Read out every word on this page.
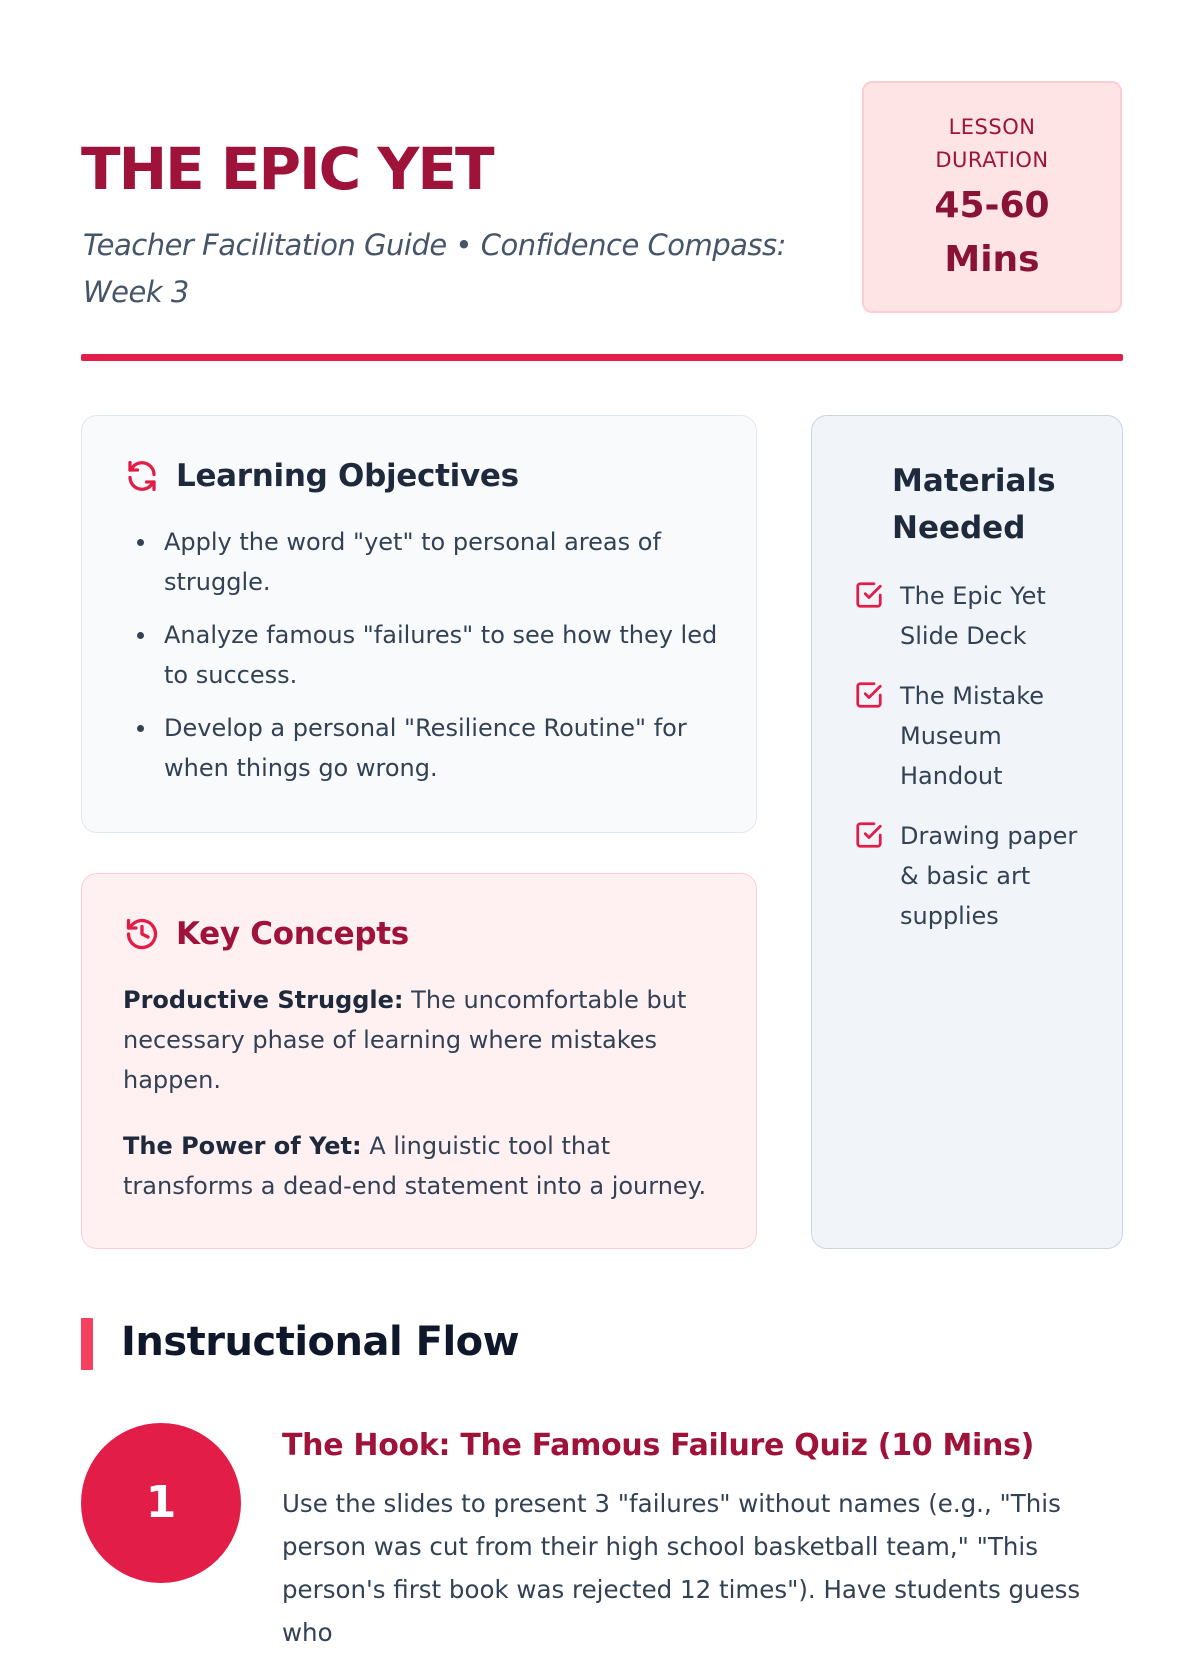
THE EPIC YET

Teacher Facilitation Guide • Confidence Compass: Week 3

LESSON
DURATION
45-60
Mins
Learning Objectives
Apply the word "yet" to personal areas of struggle.
Analyze famous "failures" to see how they led to success.
Develop a personal "Resilience Routine" for when things go wrong.
Key Concepts

Productive Struggle: The uncomfortable but necessary phase of learning where mistakes happen.

The Power of Yet: A linguistic tool that transforms a dead-end statement into a journey.

Materials Needed
The Epic Yet Slide Deck
The Mistake Museum Handout
Drawing paper & basic art supplies
Instructional Flow
1
The Hook: The Famous Failure Quiz (10 Mins)

Use the slides to present 3 "failures" without names (e.g., "This person was cut from their high school basketball team," "This person's first book was rejected 12 times"). Have students guess who
